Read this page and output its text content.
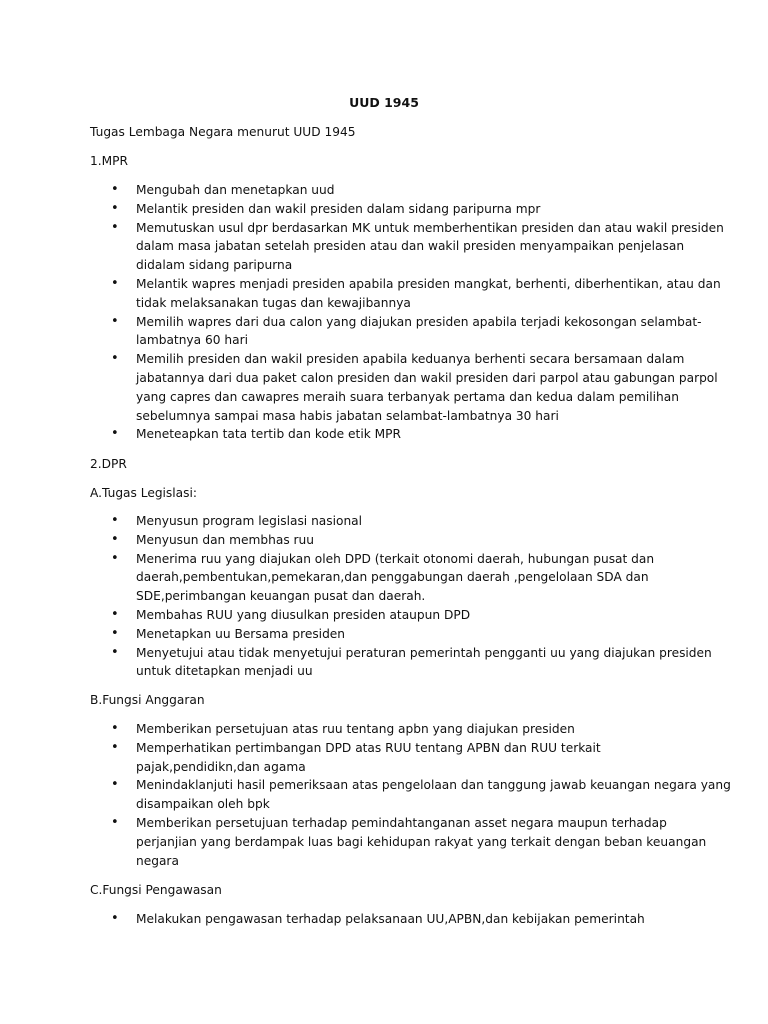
UUD 1945
Tugas Lembaga Negara menurut UUD 1945
1.MPR
• Mengubah dan menetapkan uud
• Melantik presiden dan wakil presiden dalam sidang paripurna mpr
• Memutuskan usul dpr berdasarkan MK untuk memberhentikan presiden dan atau wakil presiden
dalam masa jabatan setelah presiden atau dan wakil presiden menyampaikan penjelasan
didalam sidang paripurna
• Melantik wapres menjadi presiden apabila presiden mangkat, berhenti, diberhentikan, atau dan
tidak melaksanakan tugas dan kewajibannya
• Memilih wapres dari dua calon yang diajukan presiden apabila terjadi kekosongan selambat-
lambatnya 60 hari
• Memilih presiden dan wakil presiden apabila keduanya berhenti secara bersamaan dalam
jabatannya dari dua paket calon presiden dan wakil presiden dari parpol atau gabungan parpol
yang capres dan cawapres meraih suara terbanyak pertama dan kedua dalam pemilihan
sebelumnya sampai masa habis jabatan selambat-lambatnya 30 hari
• Meneteapkan tata tertib dan kode etik MPR
2.DPR
A.Tugas Legislasi:
• Menyusun program legislasi nasional
• Menyusun dan membhas ruu
• Menerima ruu yang diajukan oleh DPD (terkait otonomi daerah, hubungan pusat dan
daerah,pembentukan,pemekaran,dan penggabungan daerah ,pengelolaan SDA dan
SDE,perimbangan keuangan pusat dan daerah.
• Membahas RUU yang diusulkan presiden ataupun DPD
• Menetapkan uu Bersama presiden
• Menyetujui atau tidak menyetujui peraturan pemerintah pengganti uu yang diajukan presiden
untuk ditetapkan menjadi uu
B.Fungsi Anggaran
• Memberikan persetujuan atas ruu tentang apbn yang diajukan presiden
• Memperhatikan pertimbangan DPD atas RUU tentang APBN dan RUU terkait
pajak,pendidikn,dan agama
• Menindaklanjuti hasil pemeriksaan atas pengelolaan dan tanggung jawab keuangan negara yang
disampaikan oleh bpk
• Memberikan persetujuan terhadap pemindahtanganan asset negara maupun terhadap
perjanjian yang berdampak luas bagi kehidupan rakyat yang terkait dengan beban keuangan
negara
C.Fungsi Pengawasan
• Melakukan pengawasan terhadap pelaksanaan UU,APBN,dan kebijakan pemerintah
